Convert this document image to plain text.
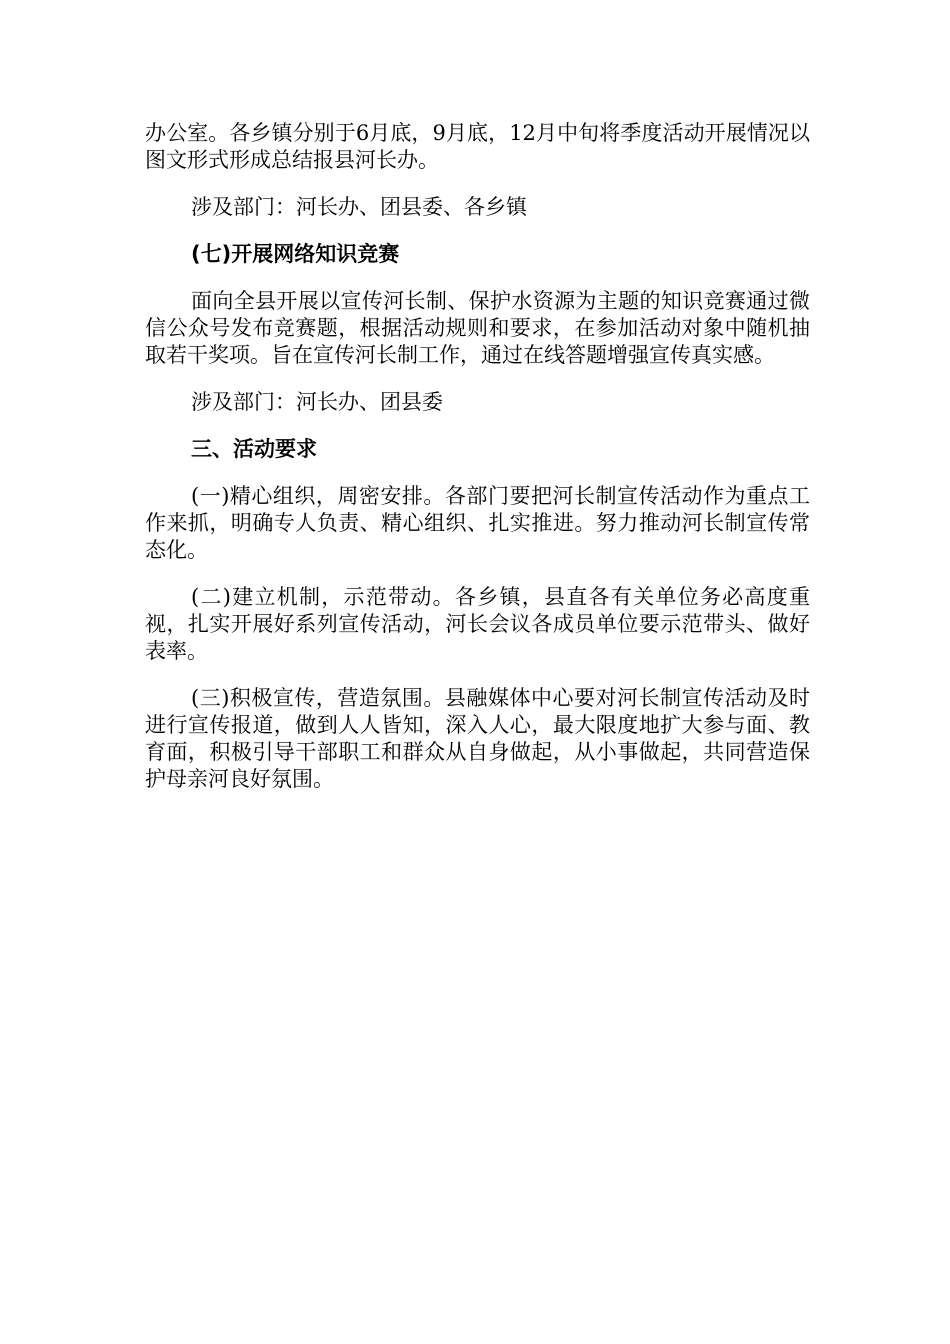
办公室。各乡镇分别于6月底，9月底，12月中旬将季度活动开展情况以图文形式形成总结报县河长办。

涉及部门：河长办、团县委、各乡镇

(七)开展网络知识竞赛

面向全县开展以宣传河长制、保护水资源为主题的知识竞赛通过微信公众号发布竞赛题，根据活动规则和要求，在参加活动对象中随机抽取若干奖项。旨在宣传河长制工作，通过在线答题增强宣传真实感。

涉及部门：河长办、团县委

三、活动要求

(一)精心组织，周密安排。各部门要把河长制宣传活动作为重点工作来抓，明确专人负责、精心组织、扎实推进。努力推动河长制宣传常态化。

(二)建立机制，示范带动。各乡镇，县直各有关单位务必高度重视，扎实开展好系列宣传活动，河长会议各成员单位要示范带头、做好表率。

(三)积极宣传，营造氛围。县融媒体中心要对河长制宣传活动及时进行宣传报道，做到人人皆知，深入人心，最大限度地扩大参与面、教育面，积极引导干部职工和群众从自身做起，从小事做起，共同营造保护母亲河良好氛围。
